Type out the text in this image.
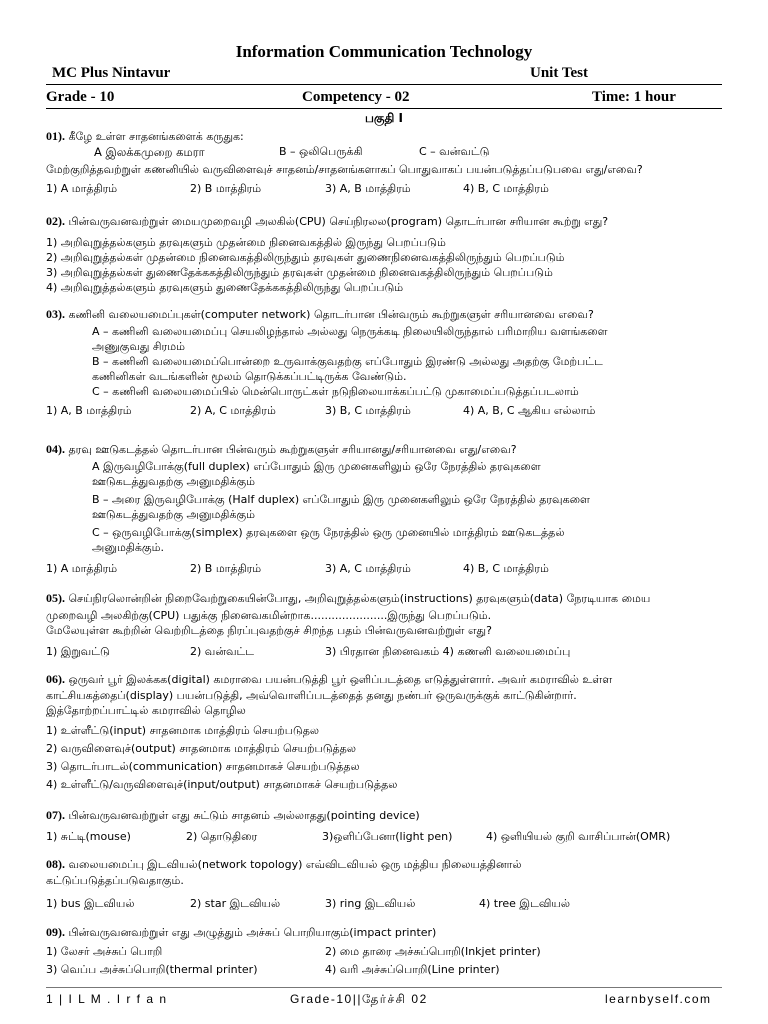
Information Communication Technology
MC Plus Nintavur	Unit Test
Grade - 10	Competency - 02	Time: 1 hour
பகுதி I
01). கீழே உள்ள சாதனங்களைக் கருதுக:
A இலக்கமுறை கமரா	B – ஒலிபெருக்கி	C – வன்வட்டு
மேற்குறித்தவற்றுள் கணனியில் வருவிளைவுச் சாதனம்/சாதனங்களாகப் பொதுவாகப் பயன்படுத்தப்படுபவை எது/எவை?
1) A மாத்திரம்	2) B மாத்திரம்	3) A, B மாத்திரம்	4) B, C மாத்திரம்
02). பின்வருவனவற்றுள் மையமுறைவழி அலகில்(CPU) செய்நிரலல(program) தொடர்பான சரியான கூற்று எது?
1) அறிவுறுத்தல்களும் தரவுகளும் முதன்மை நினைவகத்தில் இருந்து பெறப்படும்
2) அறிவுறுத்தல்கள் முதன்மை நினைவகத்திலிருந்தும் தரவுகள் துணைநினைவகத்திலிருந்தும் பெறப்படும்
3) அறிவுறுத்தல்கள் துணைதேக்ககத்திலிருந்தும் தரவுகள் முதன்மை நினைவகத்திலிருந்தும் பெறப்படும்
4) அறிவுறுத்தல்களும் தரவுகளும் துணைதேக்ககத்திலிருந்து பெறப்படும்
03). கணினி வலையமைப்புகள்(computer network) தொடர்பான பின்வரும் கூற்றுகளுள் சரியானவை எவை?
A – கணினி வலையமைப்பு செயலிழந்தால் அல்லது நெருக்கடி நிலையிலிருந்தால் பரிமாறிய வளங்களை
அணுகுவது சிரமம்
B – கணினி வலையமைப்பொன்றை உருவாக்குவதற்கு எப்போதும் இரண்டு அல்லது அதற்கு மேற்பட்ட
கணினிகள் வடங்களின் மூலம் தொடுக்கப்பட்டிருக்க வேண்டும்.
C – கணினி வலையமைப்பில் மென்பொருட்கள் நடுநிலையாக்கப்பட்டு முகாமைப்படுத்தப்படலாம்
1) A, B மாத்திரம்	2) A, C மாத்திரம்	3) B, C மாத்திரம்	4) A, B, C ஆகிய எல்லாம்
04). தரவு ஊடுகடத்தல் தொடர்பான பின்வரும் கூற்றுகளுள் சரியானது/சரியானவை எது/எவை?
A இருவழிபோக்கு(full duplex) எப்போதும் இரு முனைகளிலும் ஒரே நேரத்தில் தரவுகளை
ஊடுகடத்துவதற்கு அனுமதிக்கும்
B – அரை இருவழிபோக்கு (Half duplex) எப்போதும் இரு முனைகளிலும் ஒரே நேரத்தில் தரவுகளை
ஊடுகடத்துவதற்கு அனுமதிக்கும்
C – ஒருவழிபோக்கு(simplex) தரவுகளை ஒரு நேரத்தில் ஒரு முனையில் மாத்திரம் ஊடுகடத்தல்
அனுமதிக்கும்.
1) A மாத்திரம்	2) B மாத்திரம்	3) A, C மாத்திரம்	4) B, C மாத்திரம்
05). செய்நிரலொன்றின் நிறைவேற்றுகையின்போது, அறிவுறுத்தல்களும்(instructions) தரவுகளும்(data) நேரடியாக மைய
முறைவழி அலகிற்கு(CPU) பதுக்கு நினைவகமின்றாக......................இருந்து பெறப்படும்.
மேலேயுள்ள கூற்றின் வெற்றிடத்தை நிரப்புவதற்குச் சிறந்த பதம் பின்வருவனவற்றுள் எது?
1) இறுவட்டு	2) வன்வட்ட	3) பிரதான நினைவகம் 4) கணனி வலையமைப்பு
06). ஒருவர் பூர் இலக்கக(digital) கமராவை பயன்படுத்தி பூர் ஒளிப்படத்தை எடுத்துள்ளார். அவர் கமராவில் உள்ள
காட்சியகத்தைப்(display) பயன்படுத்தி, அவ்வொளிப்படத்தைத் தனது நண்பர் ஒருவருக்குக் காட்டுகின்றார்.
இத்தோற்றப்பாட்டில் கமராவில் தொழில
1) உள்ளீட்டு(input) சாதனமாக மாத்திரம் செயற்படுதல
2) வருவிளைவுச்(output) சாதனமாக மாத்திரம் செயற்படுத்தல
3) தொடர்பாடல்(communication) சாதனமாகச் செயற்படுத்தல
4) உள்ளீட்டு/வருவிளைவுச்(input/output) சாதனமாகச் செயற்படுத்தல
07). பின்வருவனவற்றுள் எது சுட்டும் சாதனம் அல்லாதது(pointing device)
1) சுட்டி(mouse)	2) தொடுதிரை	3)ஒளிப்பேனா(light pen)	4) ஒளியியல் குறி வாசிப்பான்(OMR)
08). வலையமைப்பு இடவியல்(network topology) எவ்விடவியல் ஒரு மத்திய நிலையத்தினால்
கட்டுப்படுத்தப்படுவதாகும்.
1) bus இடவியல்	2) star இடவியல்	3) ring இடவியல்	4) tree இடவியல்
09). பின்வருவனவற்றுள் எது அழுத்தும் அச்சுப் பொறியாகும்(impact printer)
1) லேசர் அச்சுப் பொறி	2) மை தாரை அச்சுப்பொறி(Inkjet printer)
3) வெப்ப அச்சுப்பொறி(thermal printer)	4) வரி அச்சுப்பொறி(Line printer)
1 | I L M . I r f a n	Grade-10||தேர்ச்சி 02	learnbyself.com
